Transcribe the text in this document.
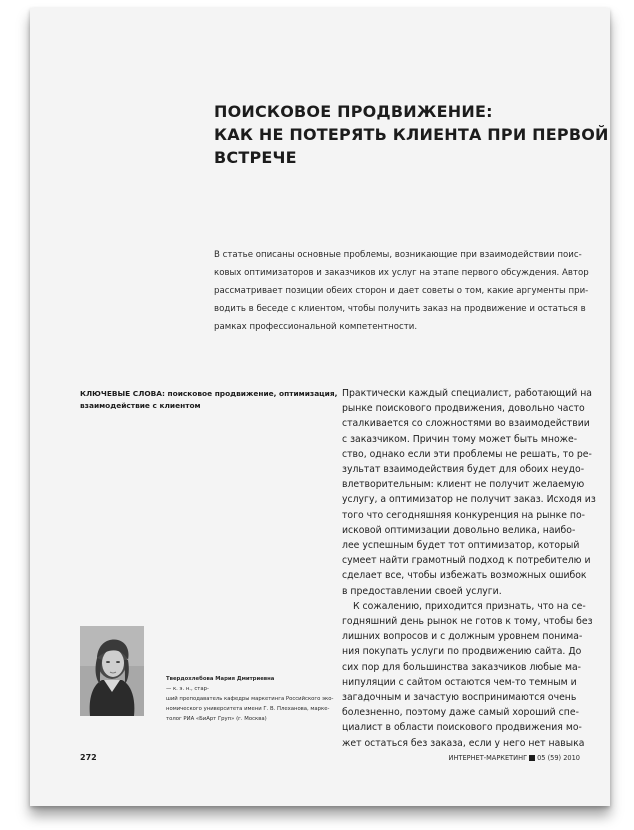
ПОИСКОВОЕ ПРОДВИЖЕНИЕ:
КАК НЕ ПОТЕРЯТЬ КЛИЕНТА ПРИ ПЕРВОЙ
ВСТРЕЧЕ
В статье описаны основные проблемы, возникающие при взаимодействии поис-
ковых оптимизаторов и заказчиков их услуг на этапе первого обсуждения. Автор
рассматривает позиции обеих сторон и дает советы о том, какие аргументы при-
водить в беседе с клиентом, чтобы получить заказ на продвижение и остаться в
рамках профессиональной компетентности.
КЛЮЧЕВЫЕ СЛОВА: поисковое продвижение, оптимизация,
взаимодействие с клиентом
Твердохлебова Мария Дмитриевна
— к. э. н., стар-
ший преподаватель кафедры маркетинга Российского эко-
номического университета имени Г. В. Плеханова, марке-
толог РИА «БиАрт Груп» (г. Москва)
Практически каждый специалист, работающий на
рынке поискового продвижения, довольно часто
сталкивается со сложностями во взаимодействии
с заказчиком. Причин тому может быть множе-
ство, однако если эти проблемы не решать, то ре-
зультат взаимодействия будет для обоих неудо-
влетворительным: клиент не получит желаемую
услугу, а оптимизатор не получит заказ. Исходя из
того что сегодняшняя конкуренция на рынке по-
исковой оптимизации довольно велика, наибо-
лее успешным будет тот оптимизатор, который
сумеет найти грамотный подход к потребителю и
сделает все, чтобы избежать возможных ошибок
в предоставлении своей услуги.
К сожалению, приходится признать, что на се-
годняшний день рынок не готов к тому, чтобы без
лишних вопросов и с должным уровнем понима-
ния покупать услуги по продвижению сайта. До
сих пор для большинства заказчиков любые ма-
нипуляции с сайтом остаются чем-то темным и
загадочным и зачастую воспринимаются очень
болезненно, поэтому даже самый хороший спе-
циалист в области поискового продвижения мо-
жет остаться без заказа, если у него нет навыка
272	ИНТЕРНЕТ-МАРКЕТИНГ 05 (59) 2010
